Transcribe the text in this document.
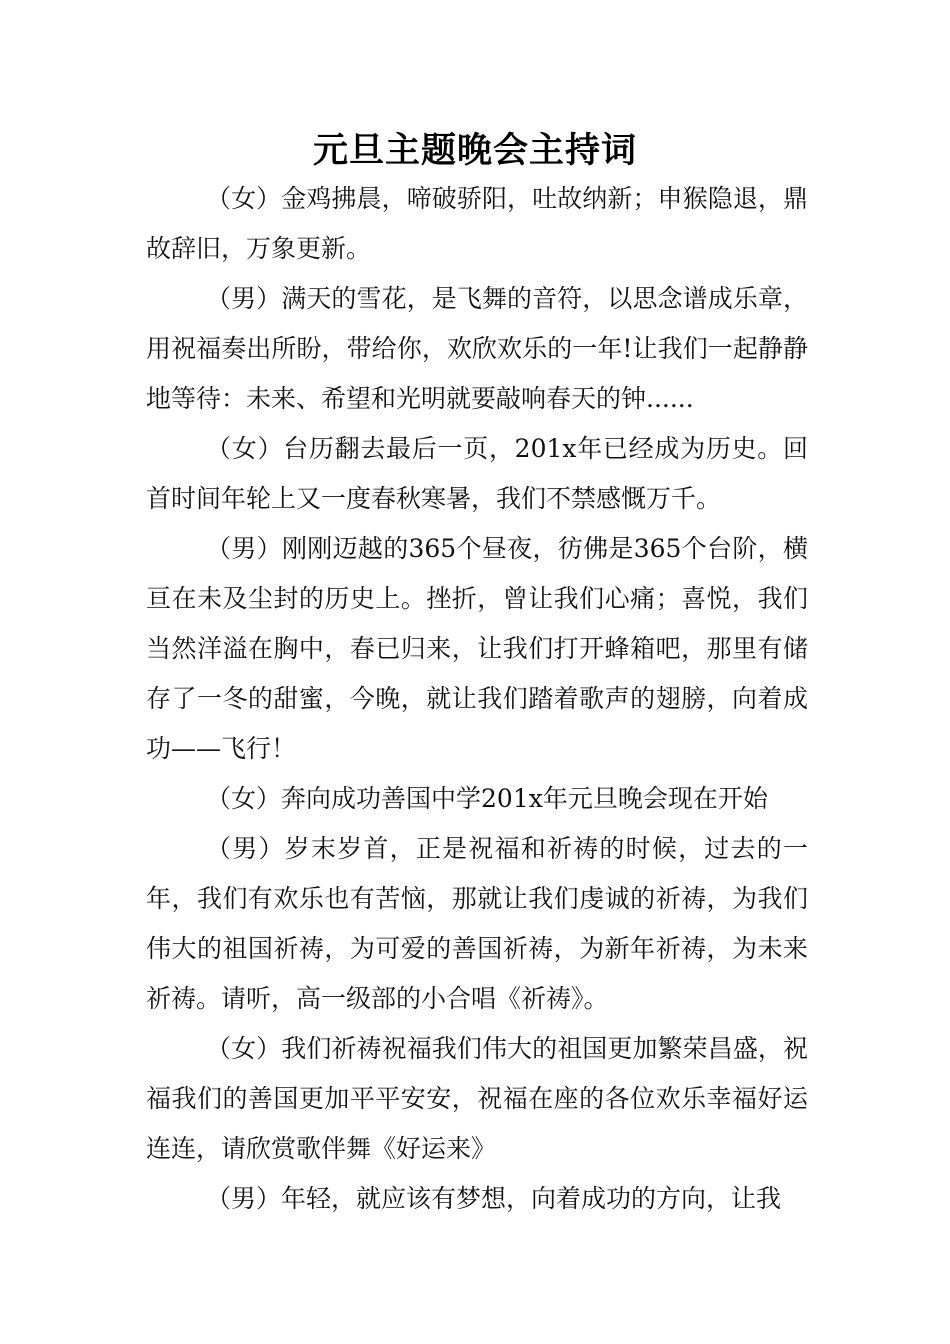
元旦主题晚会主持词

（女）金鸡拂晨，啼破骄阳，吐故纳新；申猴隐退，鼎故辞旧，万象更新。

（男）满天的雪花，是飞舞的音符，以思念谱成乐章，用祝福奏出所盼，带给你，欢欣欢乐的一年!让我们一起静静地等待：未来、希望和光明就要敲响春天的钟......

（女）台历翻去最后一页，201x年已经成为历史。回首时间年轮上又一度春秋寒暑，我们不禁感慨万千。

（男）刚刚迈越的365个昼夜，彷佛是365个台阶，横亘在未及尘封的历史上。挫折，曾让我们心痛；喜悦，我们当然洋溢在胸中，春已归来，让我们打开蜂箱吧，那里有储存了一冬的甜蜜，今晚，就让我们踏着歌声的翅膀，向着成功——飞行！

（女）奔向成功善国中学201x年元旦晚会现在开始

（男）岁末岁首，正是祝福和祈祷的时候，过去的一年，我们有欢乐也有苦恼，那就让我们虔诚的祈祷，为我们伟大的祖国祈祷，为可爱的善国祈祷，为新年祈祷，为未来祈祷。请听，高一级部的小合唱《祈祷》。

（女）我们祈祷祝福我们伟大的祖国更加繁荣昌盛，祝福我们的善国更加平平安安，祝福在座的各位欢乐幸福好运连连，请欣赏歌伴舞《好运来》

（男）年轻，就应该有梦想，向着成功的方向，让我
